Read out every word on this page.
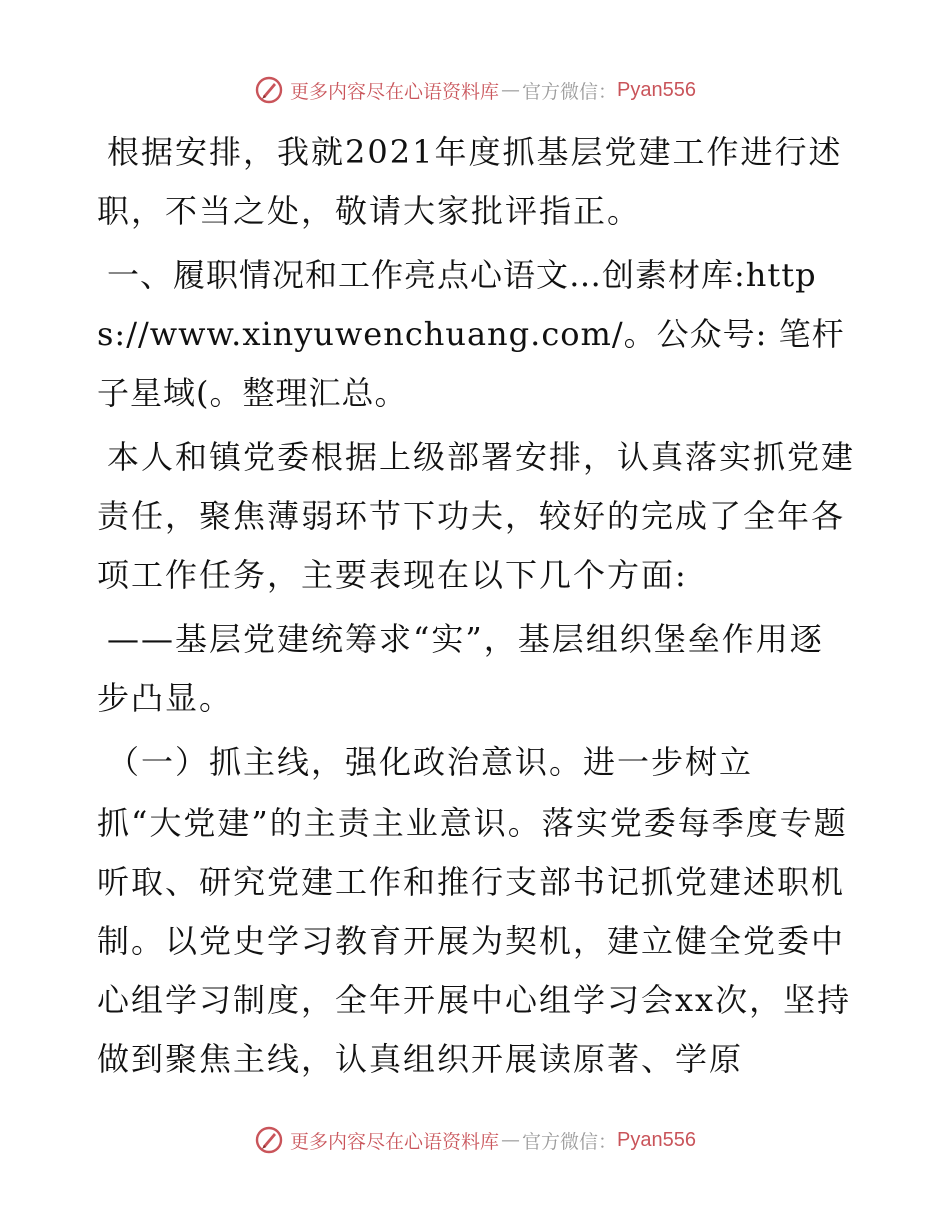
更多内容尽在心语资料库 — 官方微信： Pyan556

根据安排，我就2021年度抓基层党建工作进行述职，不当之处，敬请大家批评指正。

一、履职情况和工作亮点心语文…创素材库:https://www.xinyuwenchuang.com/。公众号: 笔杆子星域(。整理汇总。

本人和镇党委根据上级部署安排，认真落实抓党建责任，聚焦薄弱环节下功夫，较好的完成了全年各项工作任务，主要表现在以下几个方面:

——基层党建统筹求“实”，基层组织堡垒作用逐步凸显。

（一）抓主线，强化政治意识。进一步树立

抓“大党建”的主责主业意识。落实党委每季度专题听取、研究党建工作和推行支部书记抓党建述职机制。以党史学习教育开展为契机，建立健全党委中心组学习制度，全年开展中心组学习会xx次，坚持做到聚焦主线，认真组织开展读原著、学原

更多内容尽在心语资料库 — 官方微信： Pyan556
